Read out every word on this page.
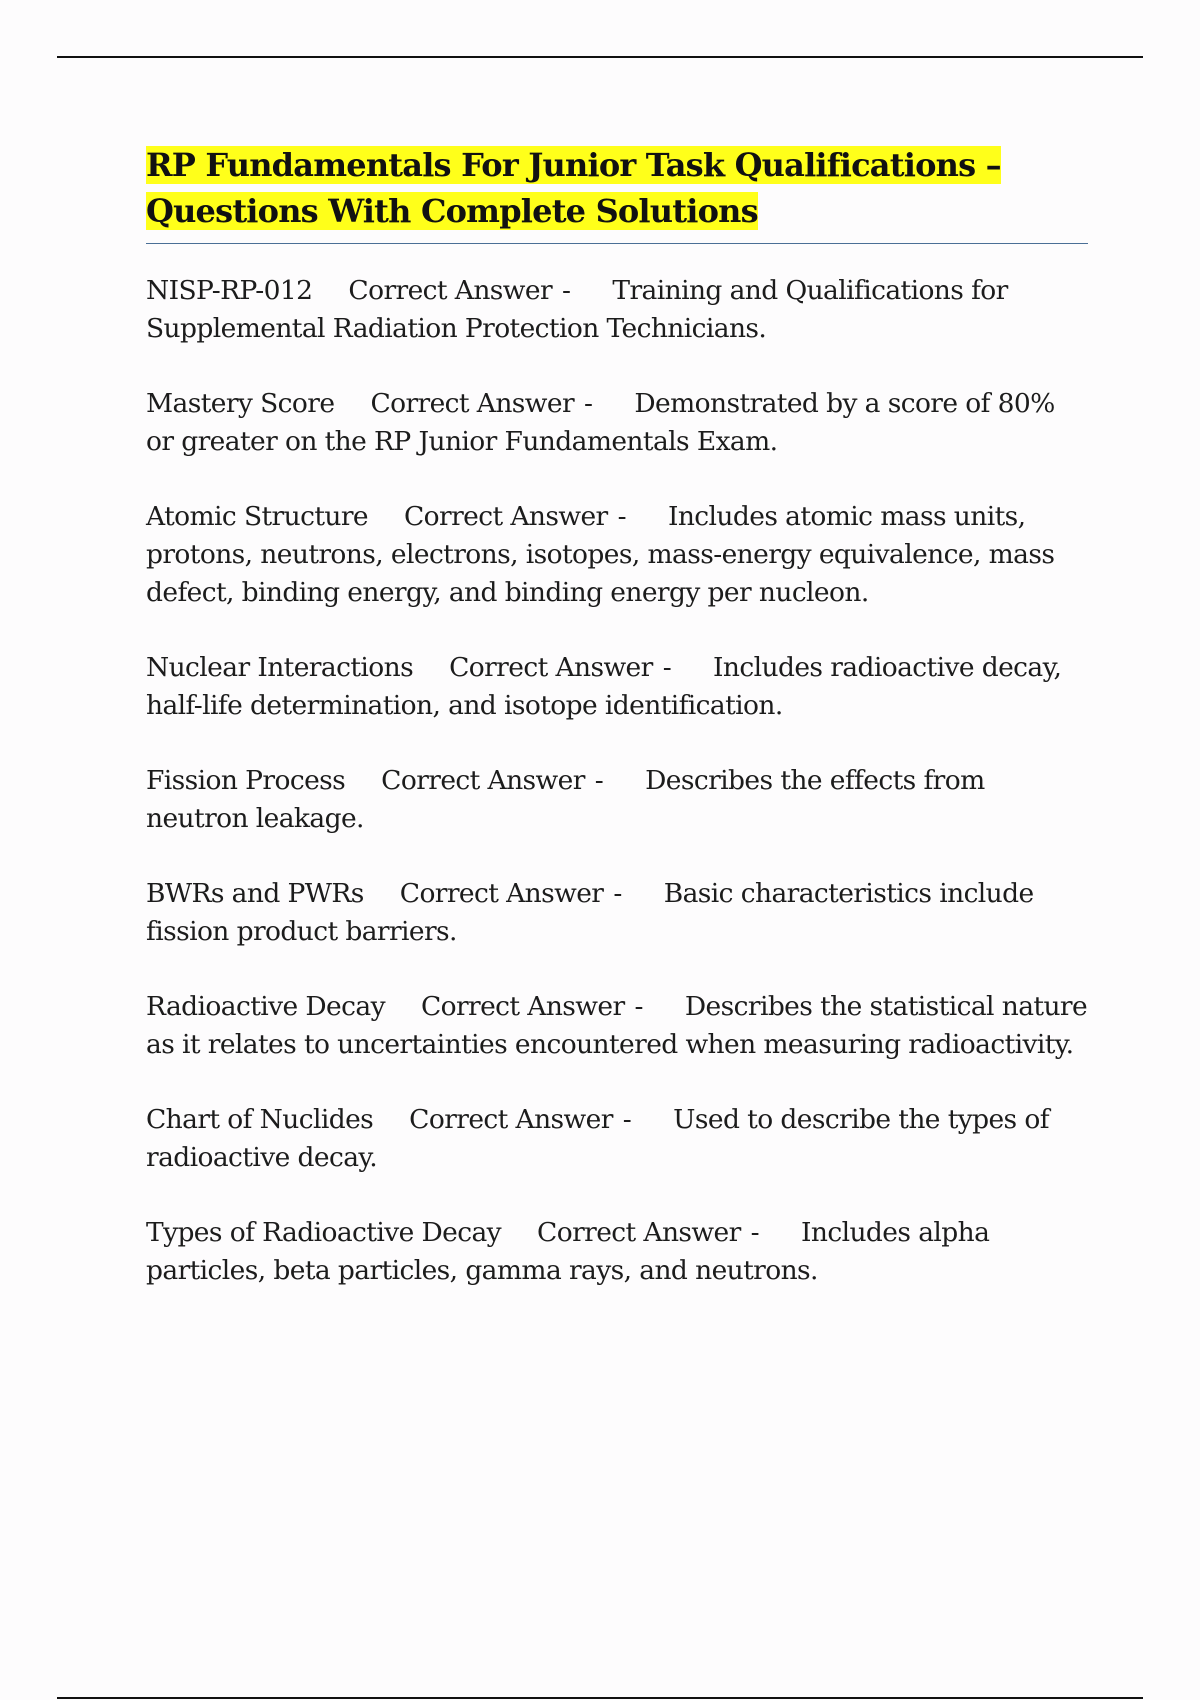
RP Fundamentals For Junior Task Qualifications –
Questions With Complete Solutions

NISP-RP-012 Correct Answer - Training and Qualifications for Supplemental Radiation Protection Technicians.

Mastery Score Correct Answer - Demonstrated by a score of 80% or greater on the RP Junior Fundamentals Exam.

Atomic Structure Correct Answer - Includes atomic mass units, protons, neutrons, electrons, isotopes, mass-energy equivalence, mass defect, binding energy, and binding energy per nucleon.

Nuclear Interactions Correct Answer - Includes radioactive decay, half-life determination, and isotope identification.

Fission Process Correct Answer - Describes the effects from neutron leakage.

BWRs and PWRs Correct Answer - Basic characteristics include fission product barriers.

Radioactive Decay Correct Answer - Describes the statistical nature as it relates to uncertainties encountered when measuring radioactivity.

Chart of Nuclides Correct Answer - Used to describe the types of radioactive decay.

Types of Radioactive Decay Correct Answer - Includes alpha particles, beta particles, gamma rays, and neutrons.
